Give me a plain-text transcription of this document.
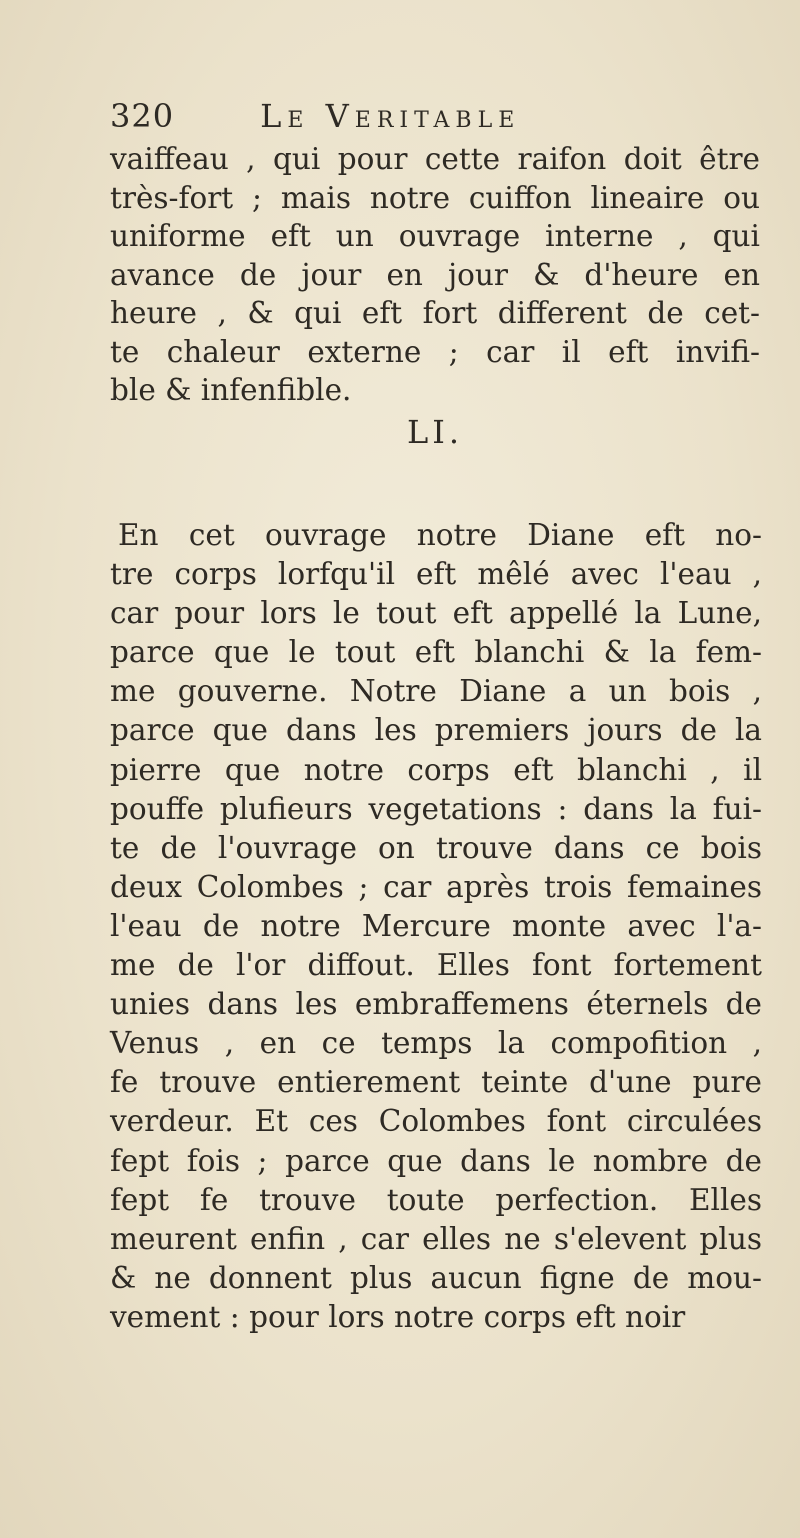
320	Le Veritable
vaiffeau , qui pour cette raifon doit être
très-fort ; mais notre cuiffon lineaire ou
uniforme eft un ouvrage interne , qui
avance de jour en jour & d'heure en
heure , & qui eft fort different de cet-
te chaleur externe ; car il eft invifi-
ble & infenfible.
LI.
En cet ouvrage notre Diane eft no-
tre corps lorfqu'il eft mêlé avec l'eau ,
car pour lors le tout eft appellé la Lune,
parce que le tout eft blanchi & la fem-
me gouverne. Notre Diane a un bois ,
parce que dans les premiers jours de la
pierre que notre corps eft blanchi , il
pouffe plufieurs vegetations : dans la fui-
te de l'ouvrage on trouve dans ce bois
deux Colombes ; car après trois femaines
l'eau de notre Mercure monte avec l'a-
me de l'or diffout. Elles font fortement
unies dans les embraffemens éternels de
Venus , en ce temps la compofition ,
fe trouve entierement teinte d'une pure
verdeur. Et ces Colombes font circulées
fept fois ; parce que dans le nombre de
fept fe trouve toute perfection. Elles
meurent enfin , car elles ne s'elevent plus
& ne donnent plus aucun figne de mou-
vement : pour lors notre corps eft noir
